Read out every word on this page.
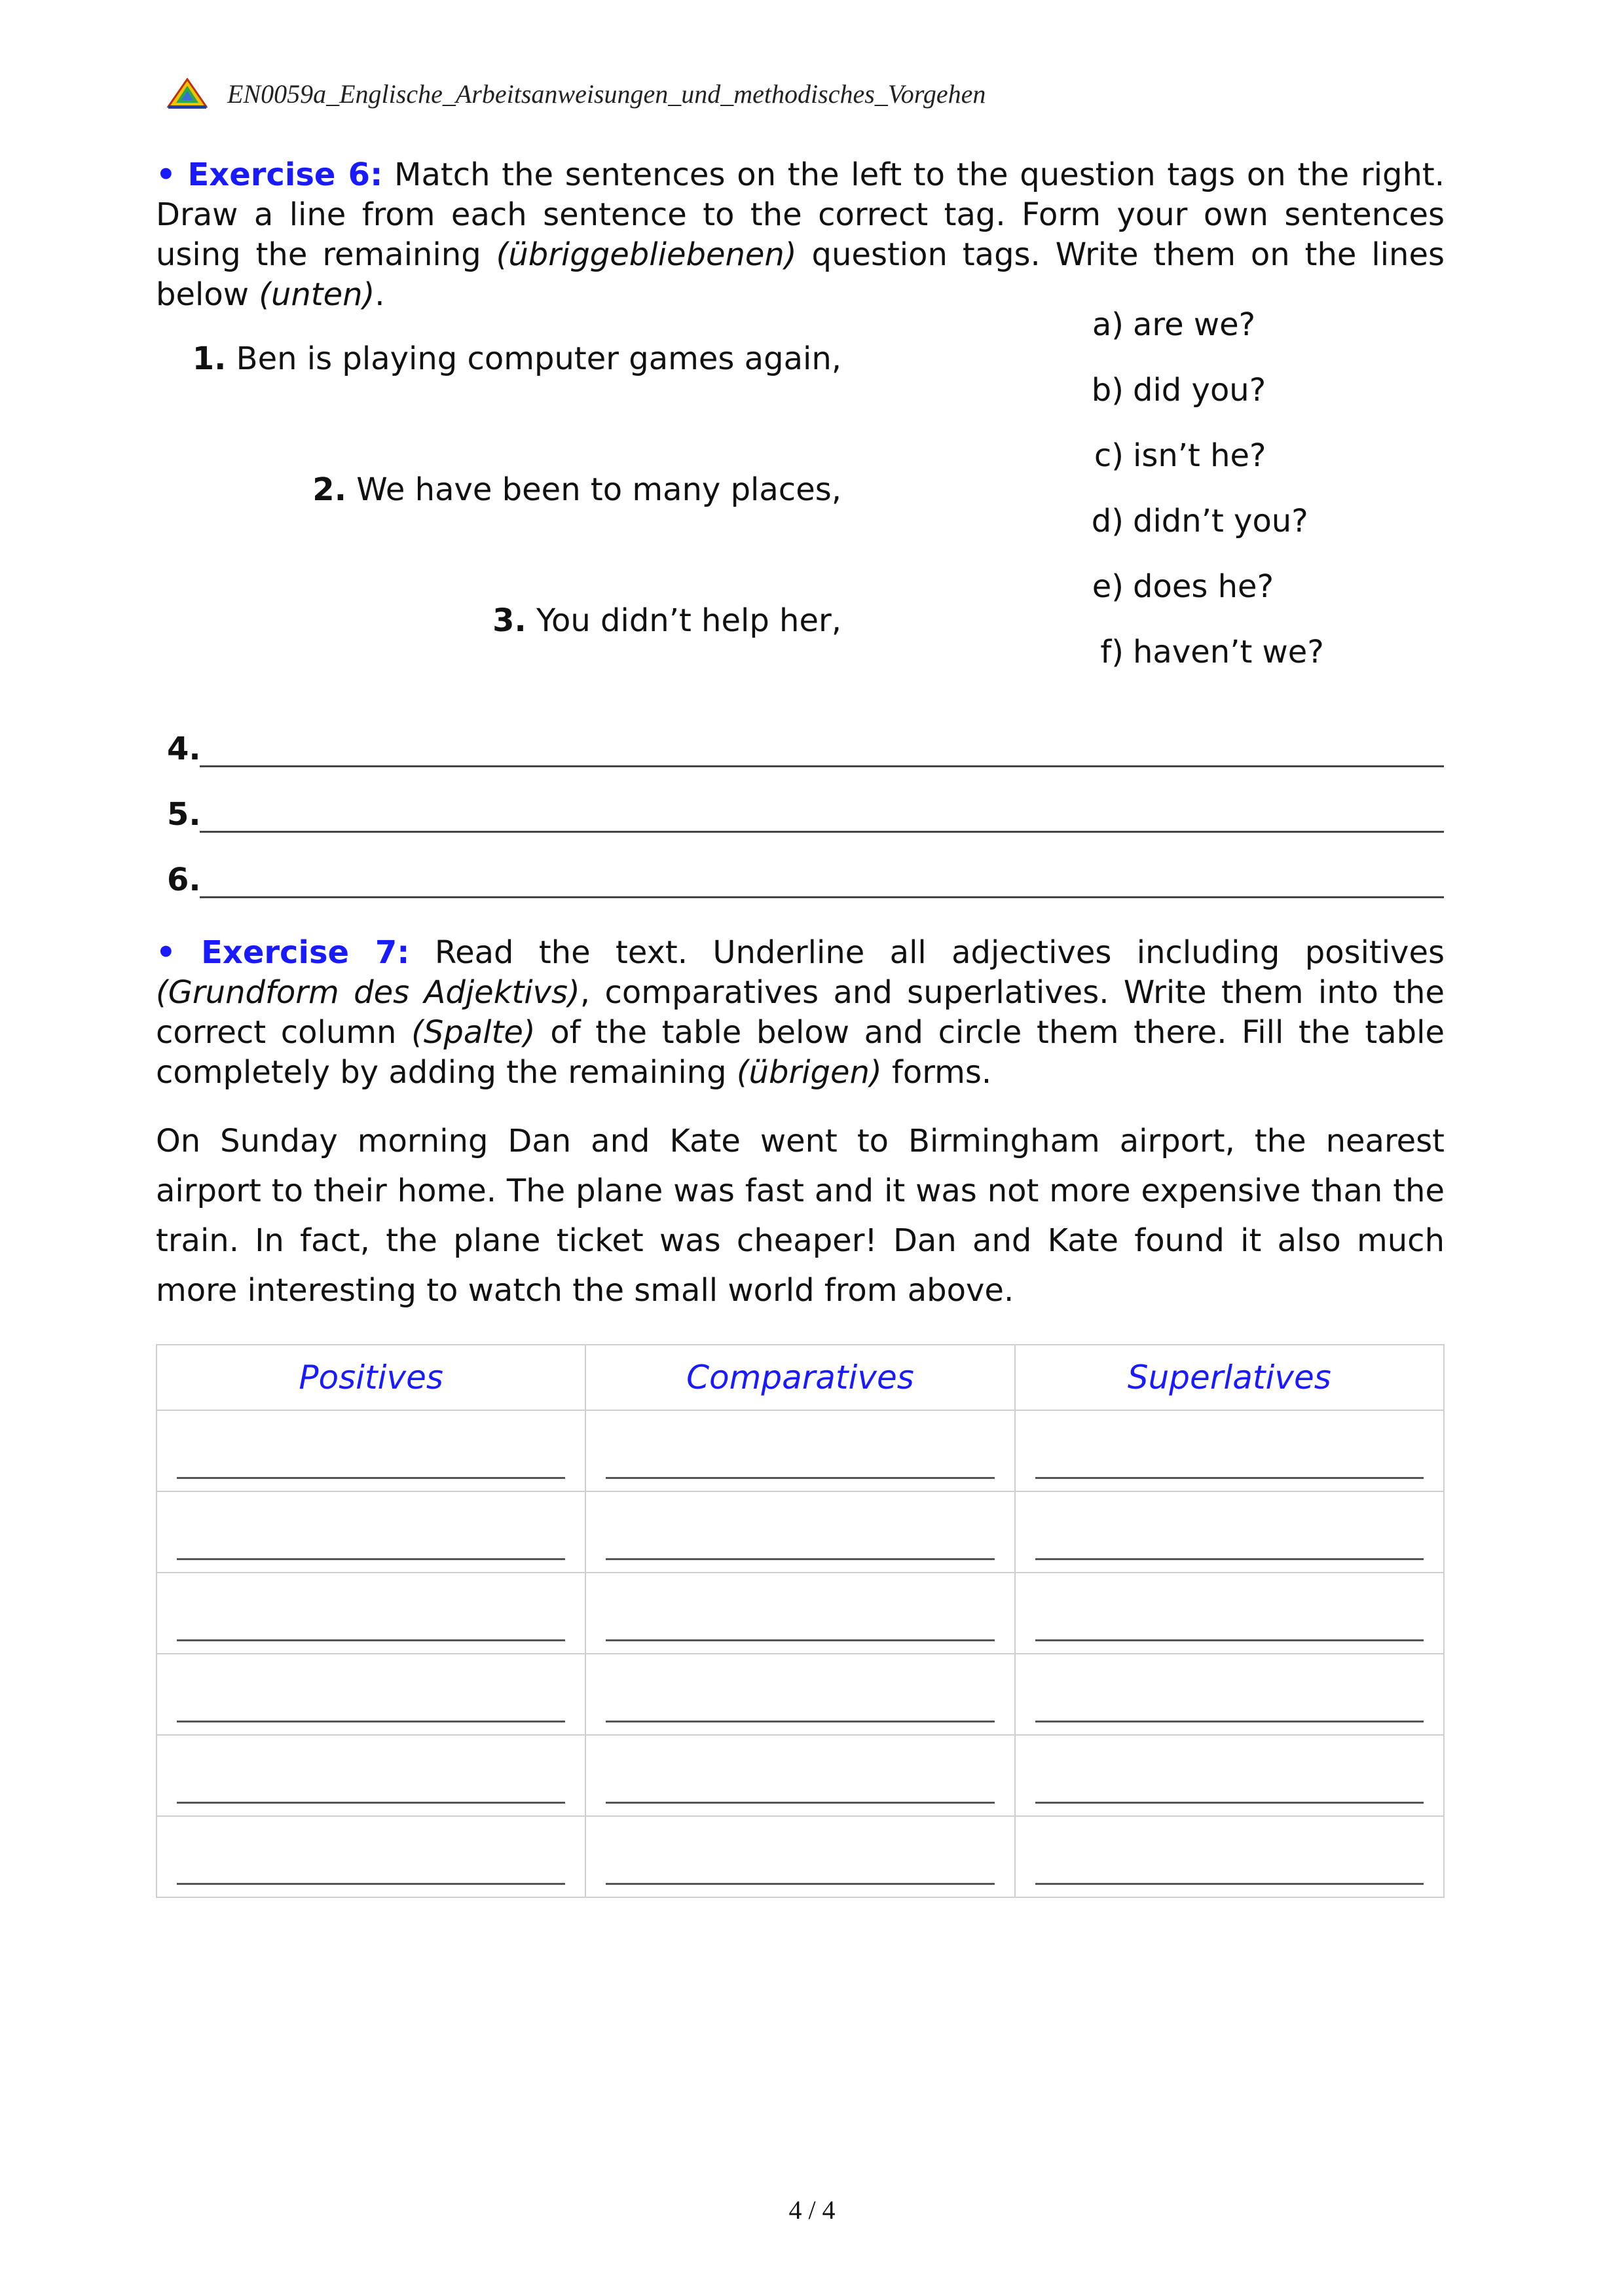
EN0059a_Englische_Arbeitsanweisungen_und_methodisches_Vorgehen
• Exercise 6: Match the sentences on the left to the question tags on the right. Draw a line from each sentence to the correct tag. Form your own sentences using the remaining (übriggebliebenen) question tags. Write them on the lines below (unten).
1. Ben is playing computer games again,
2. We have been to many places,
3. You didn’t help her,
a) are we?
b) did you?
c) isn’t he?
d) didn’t you?
e) does he?
f) haven’t we?
4.
5.
6.
• Exercise 7: Read the text. Underline all adjectives including positives (Grundform des Adjektivs), comparatives and superlatives. Write them into the correct column (Spalte) of the table below and circle them there. Fill the table completely by adding the remaining (übrigen) forms.
On Sunday morning Dan and Kate went to Birmingham airport, the nearest airport to their home. The plane was fast and it was not more expensive than the train. In fact, the plane ticket was cheaper! Dan and Kate found it also much more interesting to watch the small world from above.
Positives	Comparatives	Superlatives

4 / 4
